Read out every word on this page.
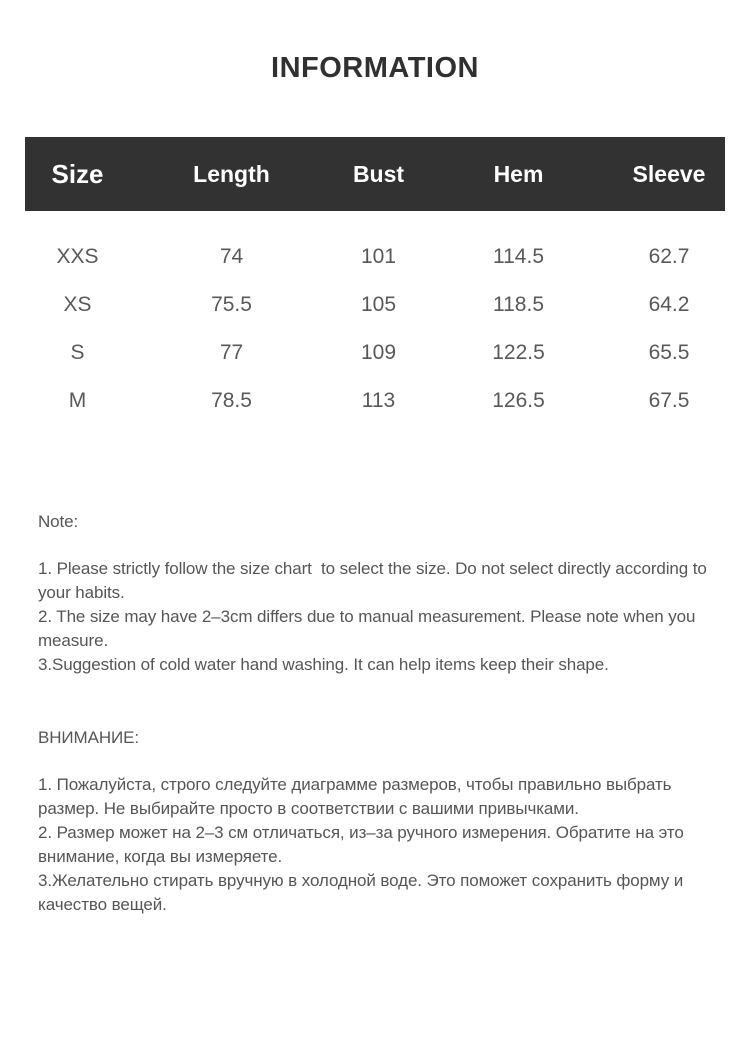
INFORMATION
Size	Length	Bust	Hem	Sleeve
XXS	74	101	114.5	62.7
XS	75.5	105	118.5	64.2
S	77	109	122.5	65.5
M	78.5	113	126.5	67.5

Note:

1. Please strictly follow the size chart  to select the size. Do not select directly according to your habits.

2. The size may have 2–3cm differs due to manual measurement. Please note when you measure.

3.Suggestion of cold water hand washing. It can help items keep their shape.

ВНИМАНИЕ:

1. Пожалуйста, строго следуйте диаграмме размеров, чтобы правильно выбрать размер. Не выбирайте просто в соответствии с вашими привычками.

2. Размер может на 2–3 см отличаться, из–за ручного измерения. Обратите на это внимание, когда вы измеряете.

3.Желательно стирать вручную в холодной воде. Это поможет сохранить форму и качество вещей.
